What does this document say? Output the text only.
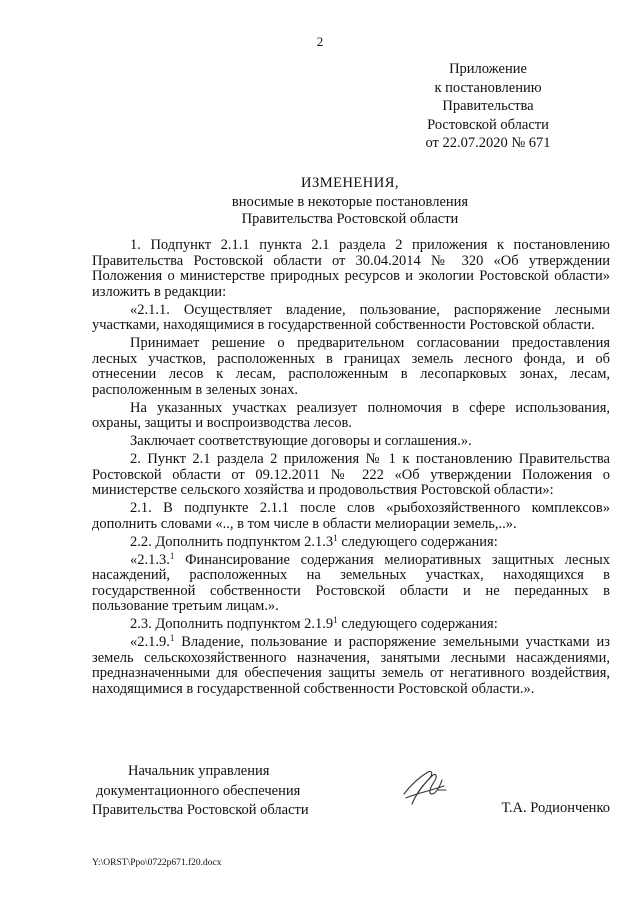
2
Приложение
к постановлению
Правительства
Ростовской области
от 22.07.2020 № 671
ИЗМЕНЕНИЯ,
вносимые в некоторые постановления
Правительства Ростовской области

1. Подпункт 2.1.1 пункта 2.1 раздела 2 приложения к постановлению Правительства Ростовской области от 30.04.2014 № 320 «Об утверждении Положения о министерстве природных ресурсов и экологии Ростовской области» изложить в редакции:

«2.1.1. Осуществляет владение, пользование, распоряжение лесными участками, находящимися в государственной собственности Ростовской области.

Принимает решение о предварительном согласовании предоставления лесных участков, расположенных в границах земель лесного фонда, и об отнесении лесов к лесам, расположенным в лесопарковых зонах, лесам, расположенным в зеленых зонах.

На указанных участках реализует полномочия в сфере использования, охраны, защиты и воспроизводства лесов.

Заключает соответствующие договоры и соглашения.».

2. Пункт 2.1 раздела 2 приложения № 1 к постановлению Правительства Ростовской области от 09.12.2011 № 222 «Об утверждении Положения о министерстве сельского хозяйства и продовольствия Ростовской области»:

2.1. В подпункте 2.1.1 после слов «рыбохозяйственного комплексов» дополнить словами «.., в том числе в области мелиорации земель,..».

2.2. Дополнить подпунктом 2.1.3$^1$ следующего содержания:

«2.1.3.$^1$ Финансирование содержания мелиоративных защитных лесных насаждений, расположенных на земельных участках, находящихся в государственной собственности Ростовской области и не переданных в пользование третьим лицам.».

2.3. Дополнить подпунктом 2.1.9$^1$ следующего содержания:

«2.1.9.$^1$ Владение, пользование и распоряжение земельными участками из земель сельскохозяйственного назначения, занятыми лесными насаждениями, предназначенными для обеспечения защиты земель от негативного воздействия, находящимися в государственной собственности Ростовской области.».

Начальник управления
документационного обеспечения
Правительства Ростовской области	Т.А. Родионченко
Y:\ORST\Ppo\0722p671.f20.docx
